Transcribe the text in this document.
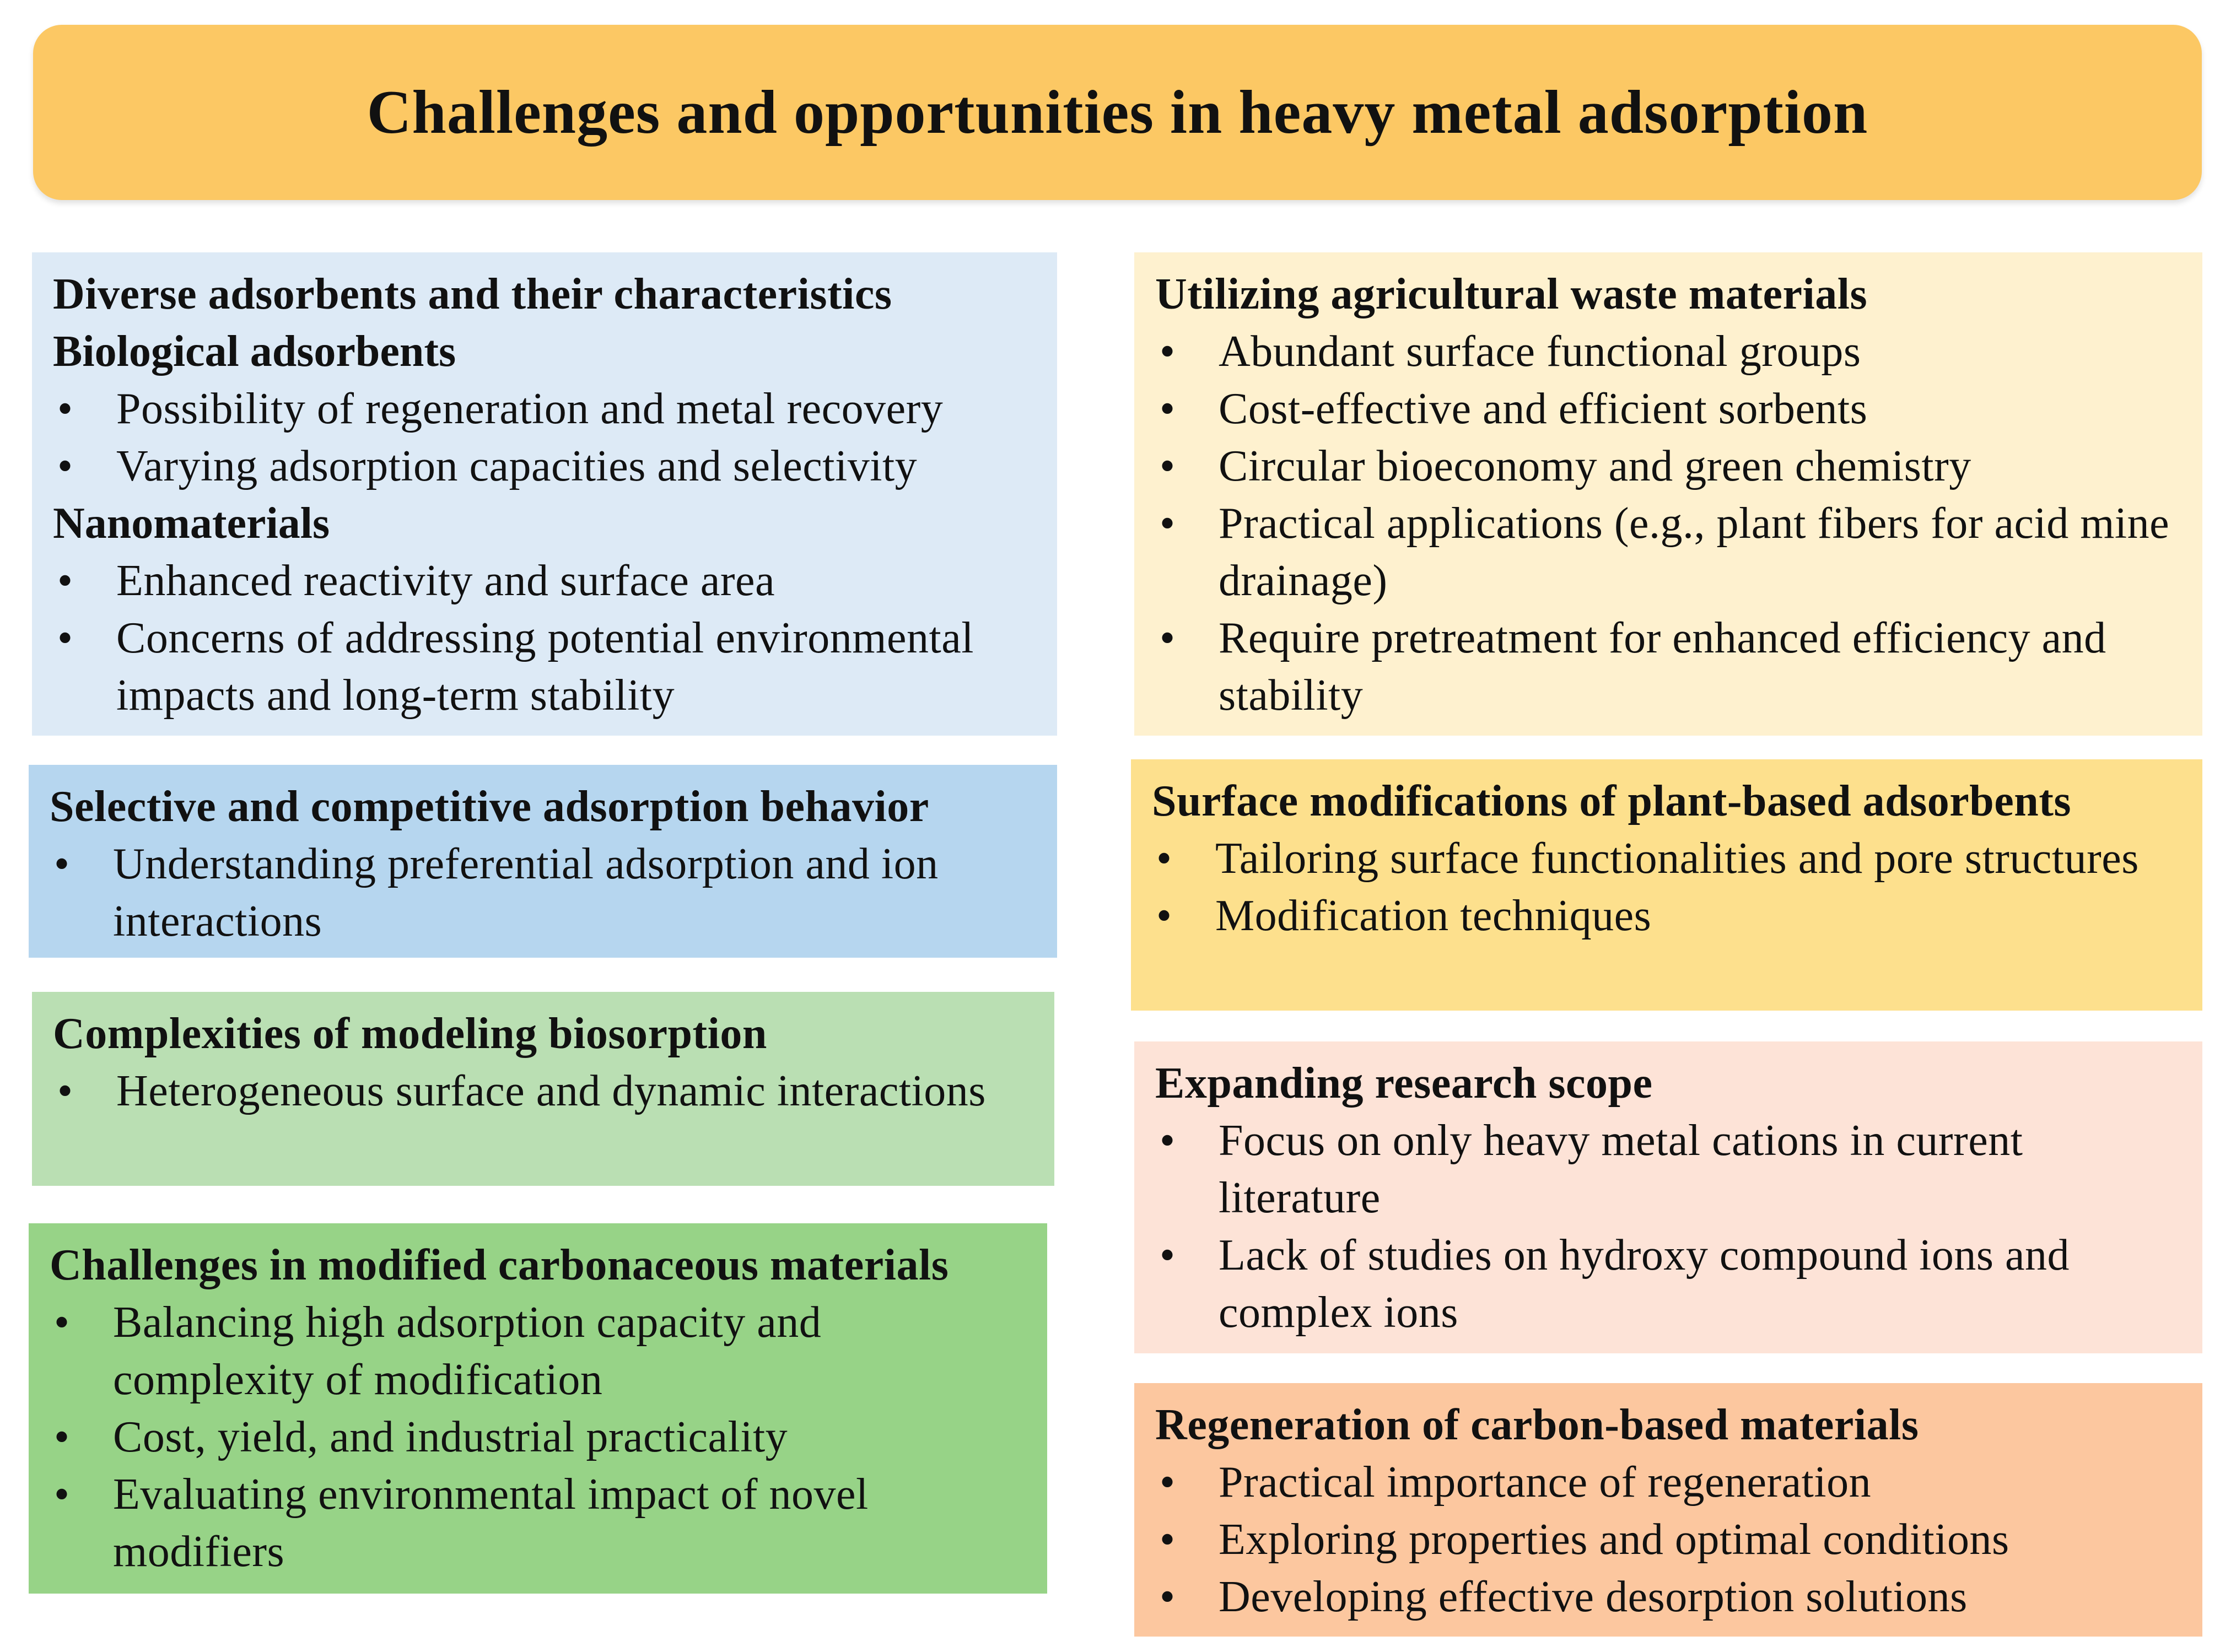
Challenges and opportunities in heavy metal adsorption
Diverse adsorbents and their characteristics
Biological adsorbents
• Possibility of regeneration and metal recovery
• Varying adsorption capacities and selectivity
Nanomaterials
• Enhanced reactivity and surface area
• Concerns of addressing potential environmental impacts and long-term stability
Selective and competitive adsorption behavior
• Understanding preferential adsorption and ion interactions
Complexities of modeling biosorption
• Heterogeneous surface and dynamic interactions
Challenges in modified carbonaceous materials
• Balancing high adsorption capacity and complexity of modification
• Cost, yield, and industrial practicality
• Evaluating environmental impact of novel modifiers
Utilizing agricultural waste materials
• Abundant surface functional groups
• Cost-effective and efficient sorbents
• Circular bioeconomy and green chemistry
• Practical applications (e.g., plant fibers for acid mine drainage)
• Require pretreatment for enhanced efficiency and stability
Surface modifications of plant-based adsorbents
• Tailoring surface functionalities and pore structures
• Modification techniques
Expanding research scope
• Focus on only heavy metal cations in current literature
• Lack of studies on hydroxy compound ions and complex ions
Regeneration of carbon-based materials
• Practical importance of regeneration
• Exploring properties and optimal conditions
• Developing effective desorption solutions
